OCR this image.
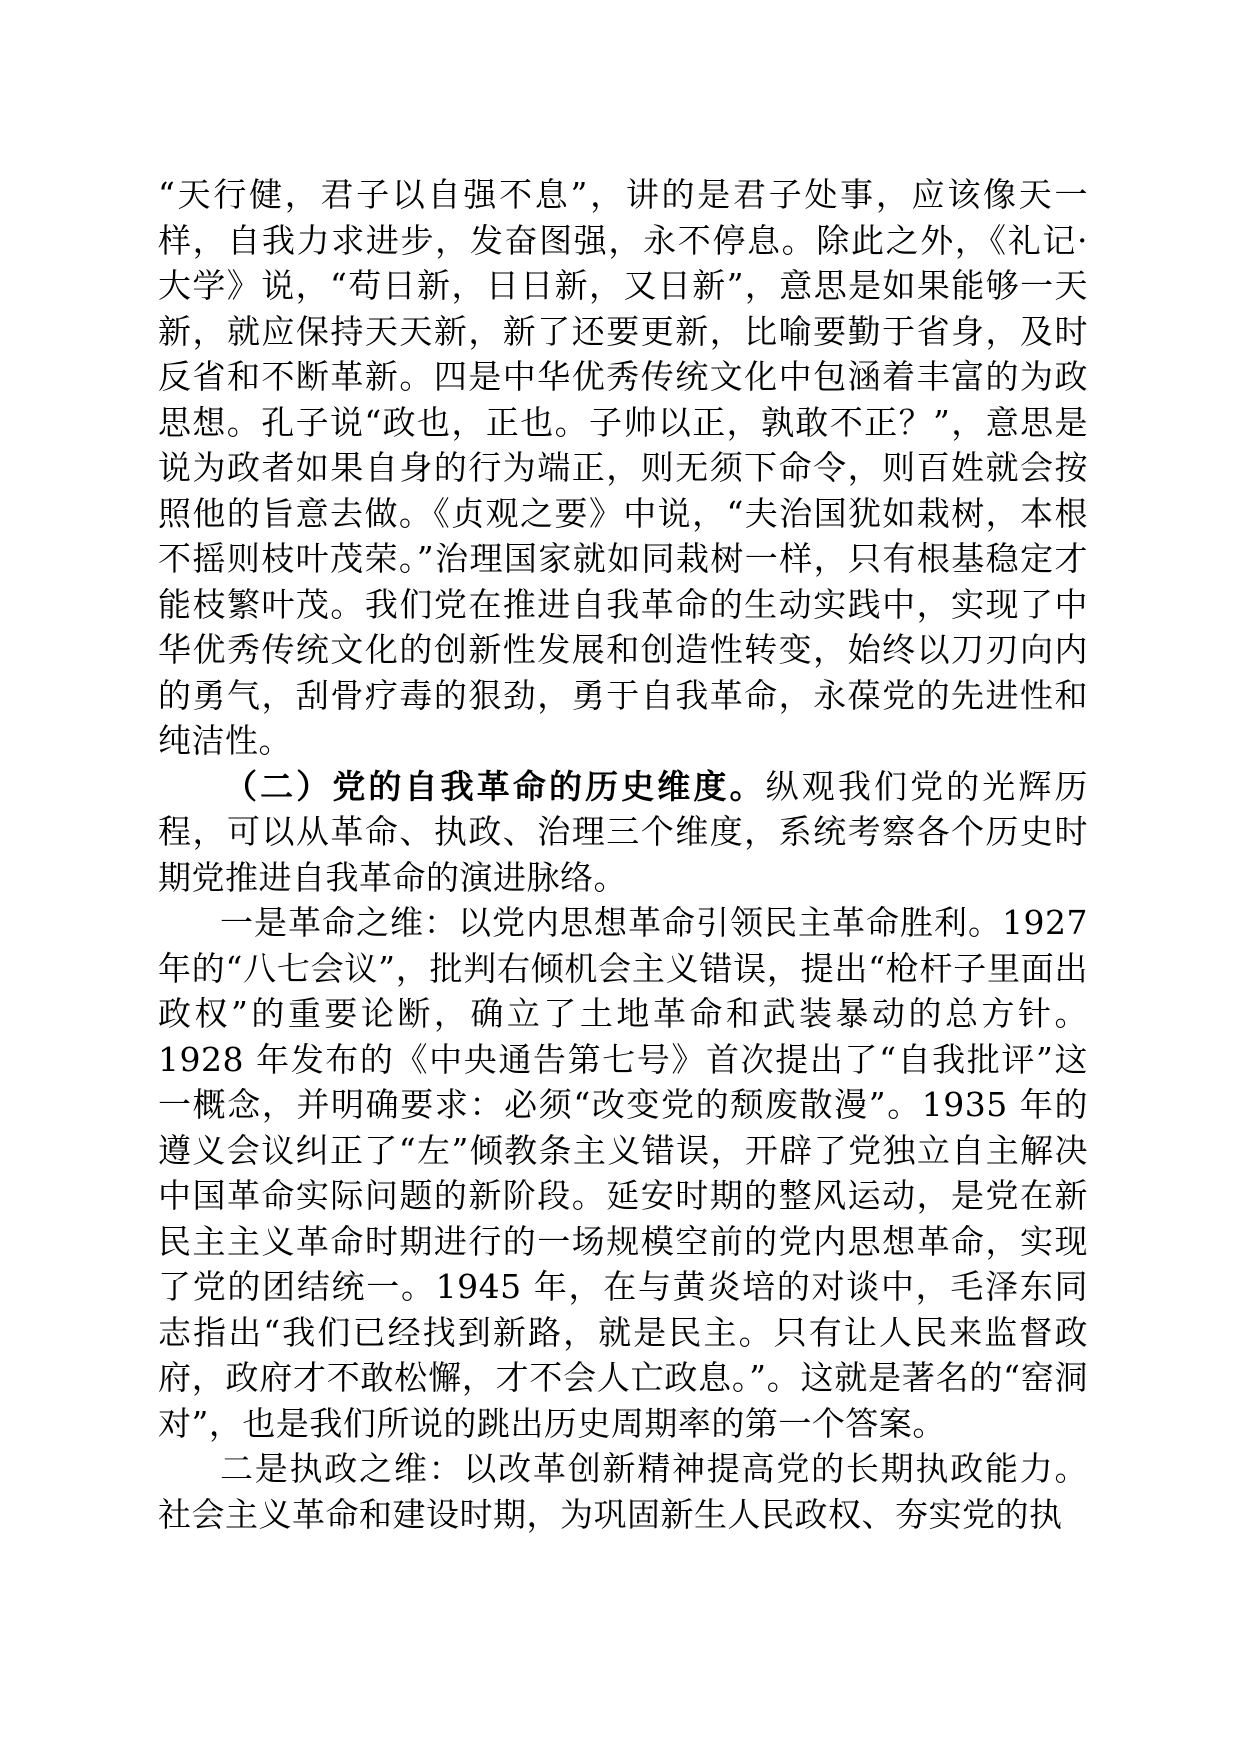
“天行健，君子以自强不息”，讲的是君子处事，应该像天一样，自我力求进步，发奋图强，永不停息。除此之外，《礼记·大学》说，“苟日新，日日新，又日新”，意思是如果能够一天新，就应保持天天新，新了还要更新，比喻要勤于省身，及时反省和不断革新。四是中华优秀传统文化中包涵着丰富的为政思想。孔子说“政也，正也。子帅以正，孰敢不正？”，意思是说为政者如果自身的行为端正，则无须下命令，则百姓就会按照他的旨意去做。《贞观之要》中说，“夫治国犹如栽树，本根不摇则枝叶茂荣。”治理国家就如同栽树一样，只有根基稳定才能枝繁叶茂。我们党在推进自我革命的生动实践中，实现了中华优秀传统文化的创新性发展和创造性转变，始终以刀刃向内的勇气，刮骨疗毒的狠劲，勇于自我革命，永葆党的先进性和纯洁性。

（二）党的自我革命的历史维度。纵观我们党的光辉历程，可以从革命、执政、治理三个维度，系统考察各个历史时期党推进自我革命的演进脉络。

一是革命之维：以党内思想革命引领民主革命胜利。1927年的“八七会议”，批判右倾机会主义错误，提出“枪杆子里面出政权”的重要论断，确立了土地革命和武装暴动的总方针。1928 年发布的《中央通告第七号》首次提出了“自我批评”这一概念，并明确要求：必须“改变党的颓废散漫”。1935 年的遵义会议纠正了“左”倾教条主义错误，开辟了党独立自主解决中国革命实际问题的新阶段。延安时期的整风运动，是党在新民主主义革命时期进行的一场规模空前的党内思想革命，实现了党的团结统一。1945 年，在与黄炎培的对谈中，毛泽东同志指出“我们已经找到新路，就是民主。只有让人民来监督政府，政府才不敢松懈，才不会人亡政息。”。这就是著名的“窑洞对”，也是我们所说的跳出历史周期率的第一个答案。

二是执政之维：以改革创新精神提高党的长期执政能力。社会主义革命和建设时期，为巩固新生人民政权、夯实党的执
